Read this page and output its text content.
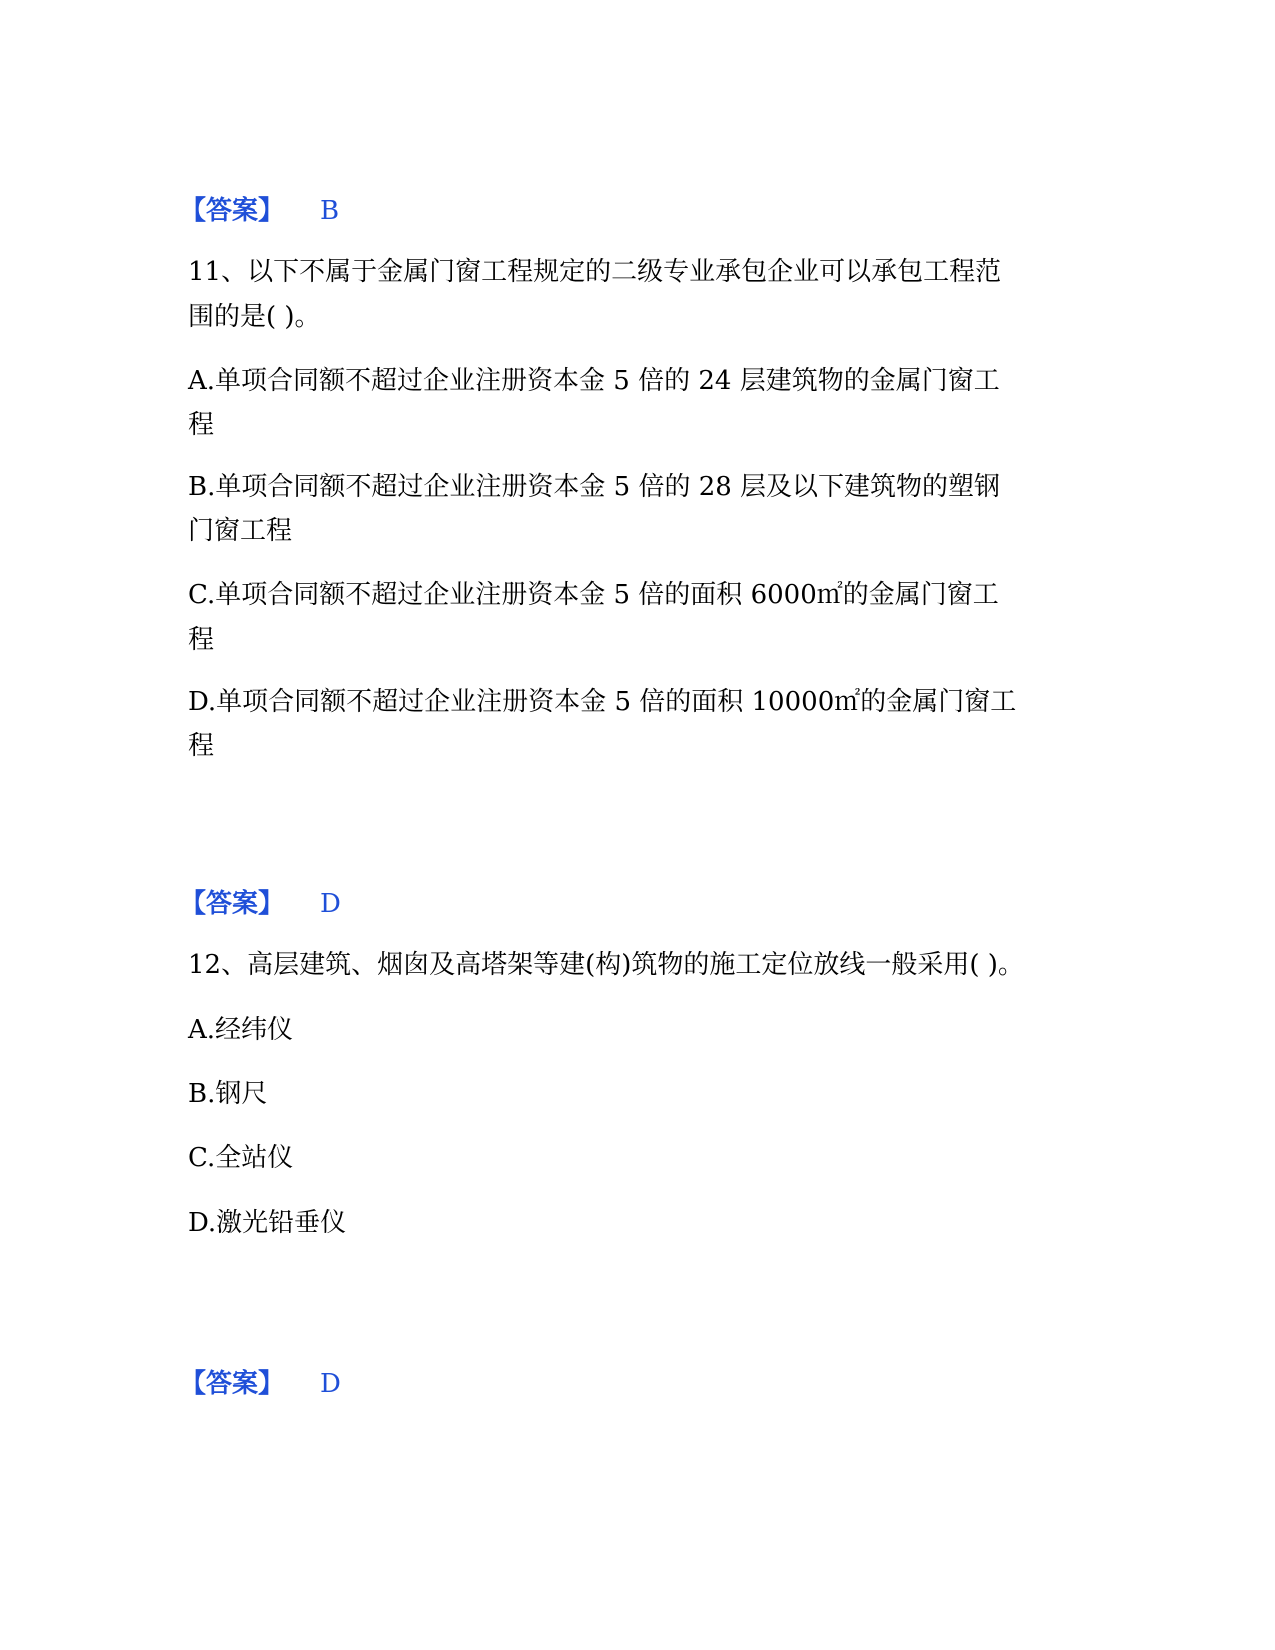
【答案】 B
11、以下不属于金属门窗工程规定的二级专业承包企业可以承包工程范
围的是( )。
A.单项合同额不超过企业注册资本金 5 倍的 24 层建筑物的金属门窗工
程
B.单项合同额不超过企业注册资本金 5 倍的 28 层及以下建筑物的塑钢
门窗工程
C.单项合同额不超过企业注册资本金 5 倍的面积 6000㎡的金属门窗工
程
D.单项合同额不超过企业注册资本金 5 倍的面积 10000㎡的金属门窗工
程
【答案】 D
12、高层建筑、烟囱及高塔架等建(构)筑物的施工定位放线一般采用( )。
A.经纬仪
B.钢尺
C.全站仪
D.激光铅垂仪
【答案】 D
